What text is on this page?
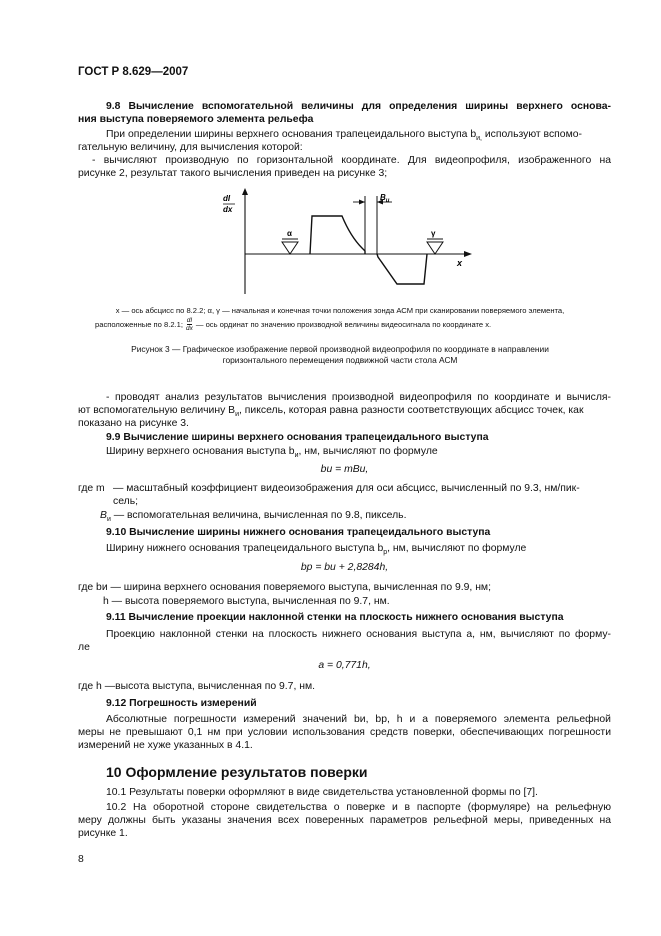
ГОСТ Р 8.629—2007
9.8 Вычисление вспомогательной величины для определения ширины верхнего основа-
ния выступа поверяемого элемента рельефа
При определении ширины верхнего основания трапецеидального выступа $b_{и,}$ используют вспомо-
гательную величину, для вычисления которой:
- вычисляют производную по горизонтальной координате. Для видеопрофиля, изображенного на
рисунке 2, результат такого вычисления приведен на рисунке 3;
dI
dx
x
α	γ
$B_и$
x — ось абсцисс по 8.2.2; α, γ — начальная и конечная точки положения зонда АСМ при сканировании поверяемого элемента,
расположенные по 8.2.1; dI
dx — ось ординат по значению производной величины видеосигнала по координате x.
Рисунок 3 — Графическое изображение первой производной видеопрофиля по координате в направлении
горизонтального перемещения подвижной части стола АСМ
- проводят анализ результатов вычисления производной видеопрофиля по координате и вычисля-
ют вспомогательную величину $B_и$, пиксель, которая равна разности соответствующих абсцисс точек, как
показано на рисунке 3.
9.9 Вычисление ширины верхнего основания трапецеидального выступа
Ширину верхнего основания выступа $b_и$, нм, вычисляют по формуле
bи = mBи,
где m — масштабный коэффициент видеоизображения для оси абсцисс, вычисленный по 9.3, нм/пик-
сель;
$B_и$ — вспомогательная величина, вычисленная по 9.8, пиксель.
9.10 Вычисление ширины нижнего основания трапецеидального выступа
Ширину нижнего основания трапецеидального выступа $b_р$, нм, вычисляют по формуле
bр = bи + 2,8284h,
где bи — ширина верхнего основания поверяемого выступа, вычисленная по 9.9, нм;
h — высота поверяемого выступа, вычисленная по 9.7, нм.
9.11 Вычисление проекции наклонной стенки на плоскость нижнего основания выступа
Проекцию наклонной стенки на плоскость нижнего основания выступа a, нм, вычисляют по форму-
ле
a = 0,771h,
где h —высота выступа, вычисленная по 9.7, нм.
9.12 Погрешность измерений
Абсолютные погрешности измерений значений bи, bр, h и a поверяемого элемента рельефной
меры не превышают 0,1 нм при условии использования средств поверки, обеспечивающих погрешности
измерений не хуже указанных в 4.1.
10 Оформление результатов поверки
10.1 Результаты поверки оформляют в виде свидетельства установленной формы по [7].
10.2 На оборотной стороне свидетельства о поверке и в паспорте (формуляре) на рельефную
меру должны быть указаны значения всех поверенных параметров рельефной меры, приведенных на
рисунке 1.
8
